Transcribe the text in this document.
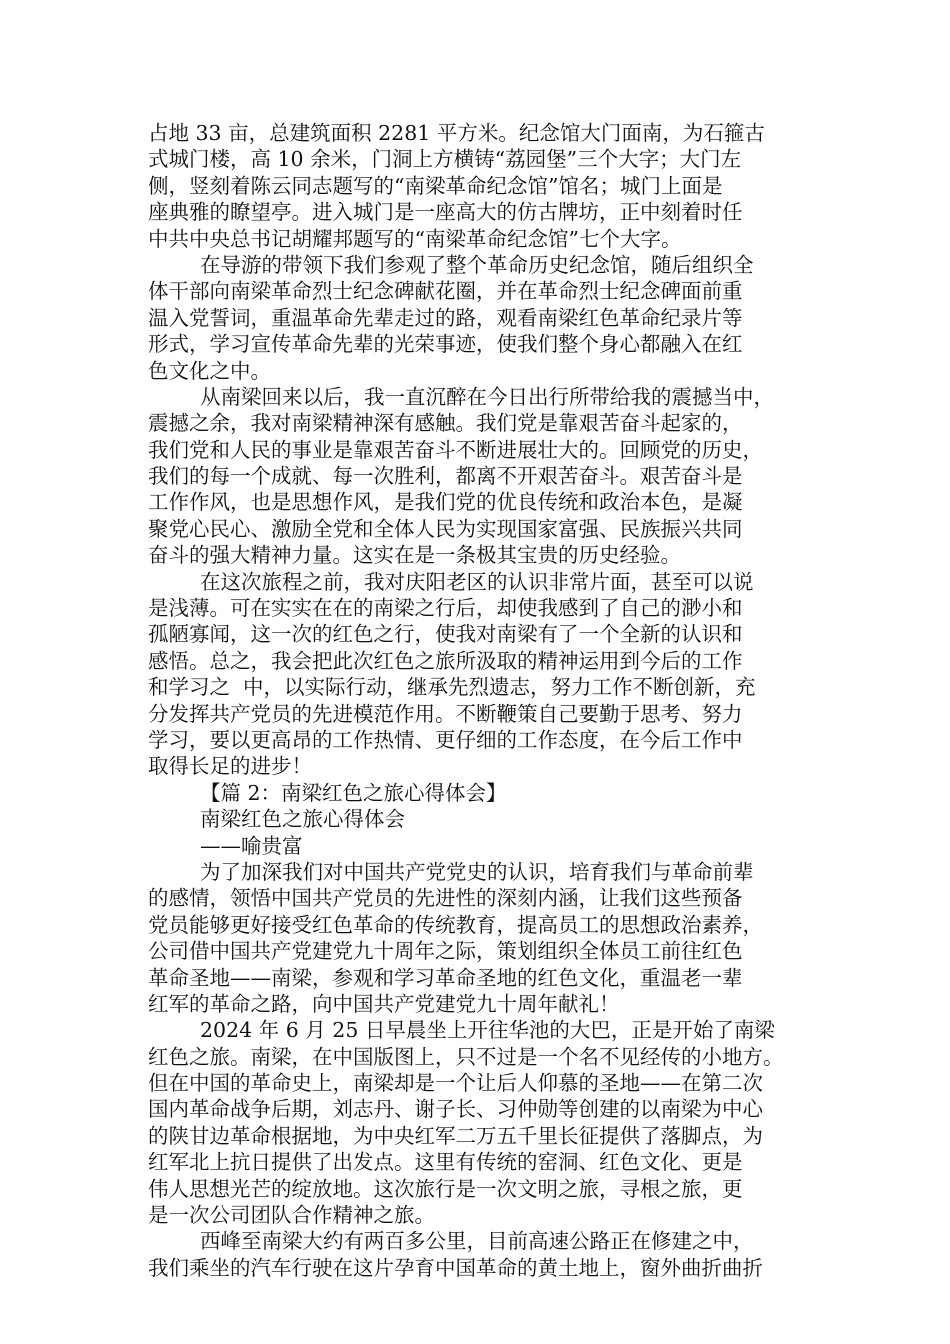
占地 33 亩，总建筑面积 2281 平方米。纪念馆大门面南，为石箍古
式城门楼，高 10 余米，门洞上方横铸“荔园堡”三个大字；大门左
侧，竖刻着陈云同志题写的“南梁革命纪念馆”馆名；城门上面是
座典雅的瞭望亭。进入城门是一座高大的仿古牌坊，正中刻着时任
中共中央总书记胡耀邦题写的“南梁革命纪念馆”七个大字。
在导游的带领下我们参观了整个革命历史纪念馆，随后组织全
体干部向南梁革命烈士纪念碑献花圈，并在革命烈士纪念碑面前重
温入党誓词，重温革命先辈走过的路，观看南梁红色革命纪录片等
形式，学习宣传革命先辈的光荣事迹，使我们整个身心都融入在红
色文化之中。
从南梁回来以后，我一直沉醉在今日出行所带给我的震撼当中，
震撼之余，我对南梁精神深有感触。我们党是靠艰苦奋斗起家的，
我们党和人民的事业是靠艰苦奋斗不断进展壮大的。回顾党的历史，
我们的每一个成就、每一次胜利，都离不开艰苦奋斗。艰苦奋斗是
工作作风，也是思想作风，是我们党的优良传统和政治本色，是凝
聚党心民心、激励全党和全体人民为实现国家富强、民族振兴共同
奋斗的强大精神力量。这实在是一条极其宝贵的历史经验。
在这次旅程之前，我对庆阳老区的认识非常片面，甚至可以说
是浅薄。可在实实在在的南梁之行后，却使我感到了自己的渺小和
孤陋寡闻，这一次的红色之行，使我对南梁有了一个全新的认识和
感悟。总之，我会把此次红色之旅所汲取的精神运用到今后的工作
和学习之  中，以实际行动，继承先烈遗志，努力工作不断创新，充
分发挥共产党员的先进模范作用。不断鞭策自己要勤于思考、努力
学习，要以更高昂的工作热情、更仔细的工作态度，在今后工作中
取得长足的进步！
【篇 2：南梁红色之旅心得体会】
南梁红色之旅心得体会
——喻贵富
为了加深我们对中国共产党党史的认识，培育我们与革命前辈
的感情，领悟中国共产党员的先进性的深刻内涵，让我们这些预备
党员能够更好接受红色革命的传统教育，提高员工的思想政治素养，
公司借中国共产党建党九十周年之际，策划组织全体员工前往红色
革命圣地——南梁，参观和学习革命圣地的红色文化，重温老一辈
红军的革命之路，向中国共产党建党九十周年献礼！
2024 年 6 月 25 日早晨坐上开往华池的大巴，正是开始了南梁
红色之旅。南梁，在中国版图上，只不过是一个名不见经传的小地方。
但在中国的革命史上，南梁却是一个让后人仰慕的圣地——在第二次
国内革命战争后期，刘志丹、谢子长、习仲勋等创建的以南梁为中心
的陕甘边革命根据地，为中央红军二万五千里长征提供了落脚点，为
红军北上抗日提供了出发点。这里有传统的窑洞、红色文化、更是
伟人思想光芒的绽放地。这次旅行是一次文明之旅，寻根之旅，更
是一次公司团队合作精神之旅。
西峰至南梁大约有两百多公里，目前高速公路正在修建之中，
我们乘坐的汽车行驶在这片孕育中国革命的黄土地上，窗外曲折曲折
